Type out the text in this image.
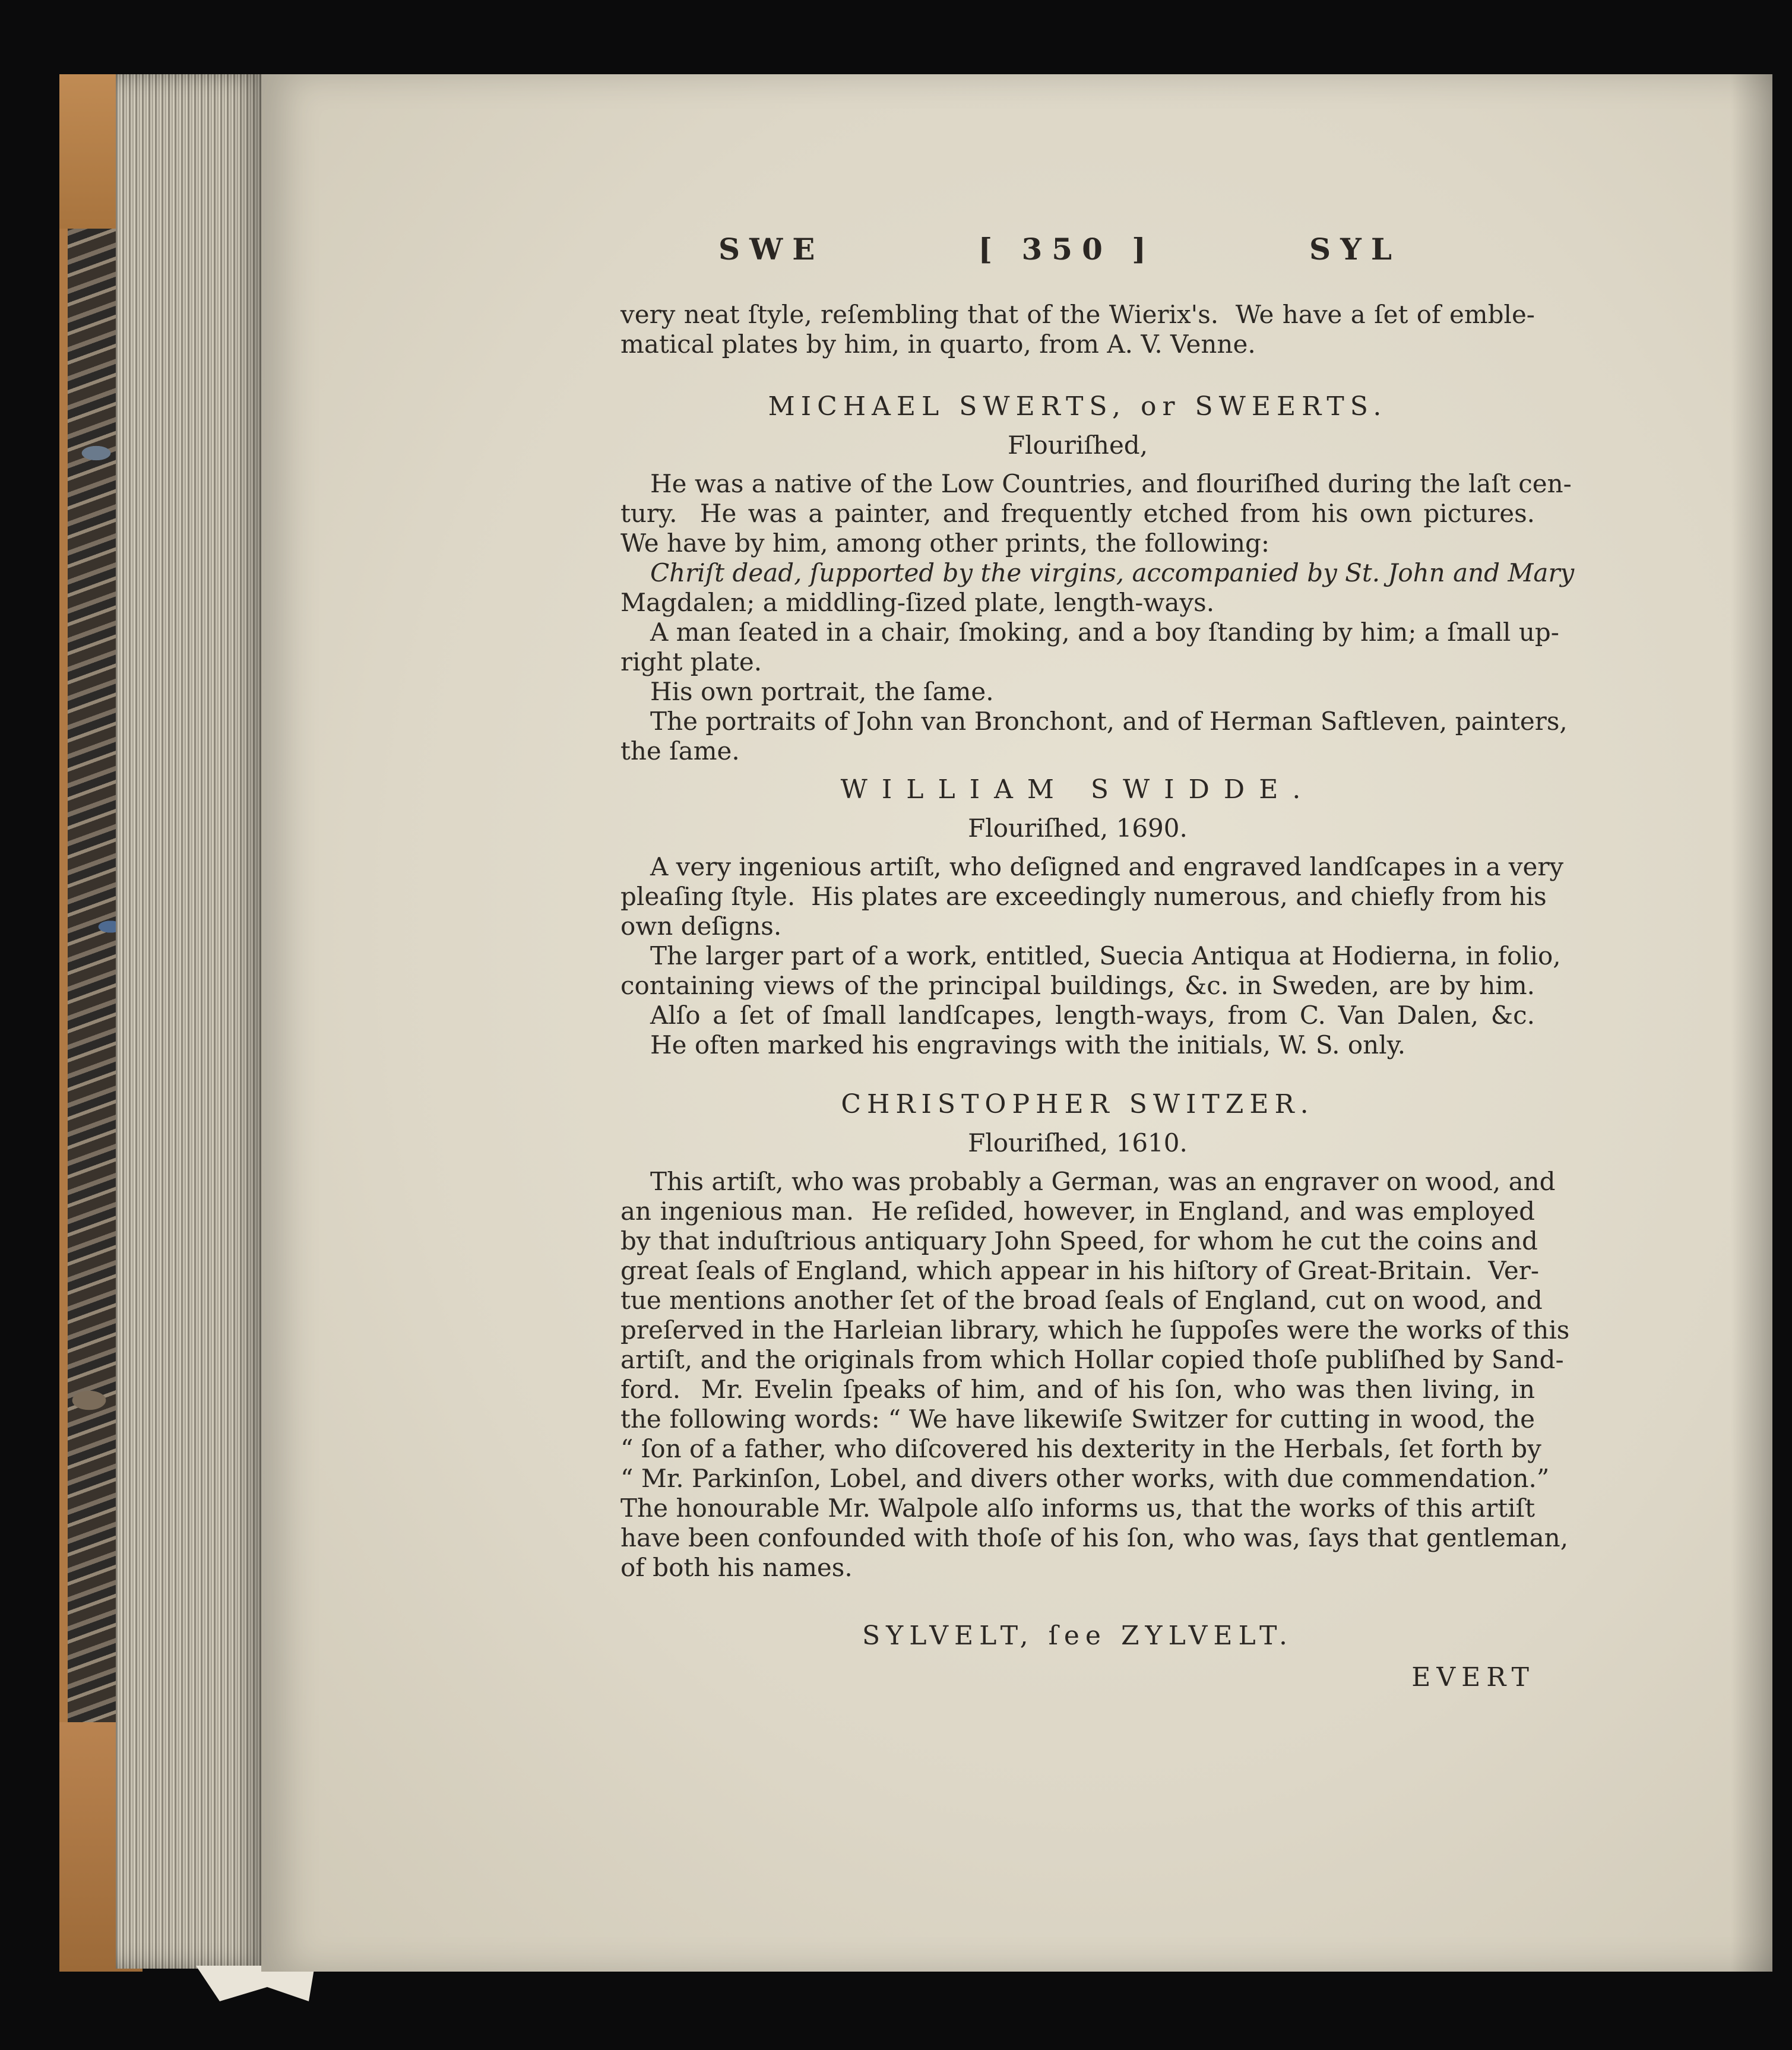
SWE	[ 350 ]	SYL
very neat ſtyle, reſembling that of the Wierix's.  We have a ſet of emble-
matical plates by him, in quarto, from A. V. Venne.
MICHAEL SWERTS, or SWEERTS.
Flouriſhed,
He was a native of the Low Countries, and flouriſhed during the laſt cen-
tury.  He was a painter, and frequently etched from his own pictures.
We have by him, among other prints, the following:
Chriſt dead, ſupported by the virgins, accompanied by St. John and Mary
Magdalen; a middling-ſized plate, length-ways.
A man ſeated in a chair, ſmoking, and a boy ſtanding by him; a ſmall up-
right plate.
His own portrait, the ſame.
The portraits of John van Bronchont, and of Herman Saftleven, painters,
the ſame.
WILLIAM SWIDDE.
Flouriſhed, 1690.
A very ingenious artiſt, who deſigned and engraved landſcapes in a very
pleaſing ſtyle.  His plates are exceedingly numerous, and chiefly from his
own deſigns.
The larger part of a work, entitled, Suecia Antiqua at Hodierna, in folio,
containing views of the principal buildings, &c. in Sweden, are by him.
Alſo a ſet of ſmall landſcapes, length-ways, from C. Van Dalen, &c.
He often marked his engravings with the initials, W. S. only.
CHRISTOPHER SWITZER.
Flouriſhed, 1610.
This artiſt, who was probably a German, was an engraver on wood, and
an ingenious man.  He reſided, however, in England, and was employed
by that induſtrious antiquary John Speed, for whom he cut the coins and
great ſeals of England, which appear in his hiſtory of Great-Britain.  Ver-
tue mentions another ſet of the broad ſeals of England, cut on wood, and
preſerved in the Harleian library, which he ſuppoſes were the works of this
artiſt, and the originals from which Hollar copied thoſe publiſhed by Sand-
ford.  Mr. Evelin ſpeaks of him, and of his ſon, who was then living, in
the following words: “ We have likewiſe Switzer for cutting in wood, the
“ ſon of a father, who diſcovered his dexterity in the Herbals, ſet forth by
“ Mr. Parkinſon, Lobel, and divers other works, with due commendation.”
The honourable Mr. Walpole alſo informs us, that the works of this artiſt
have been confounded with thoſe of his ſon, who was, ſays that gentleman,
of both his names.
SYLVELT, ſee ZYLVELT.
EVERT
